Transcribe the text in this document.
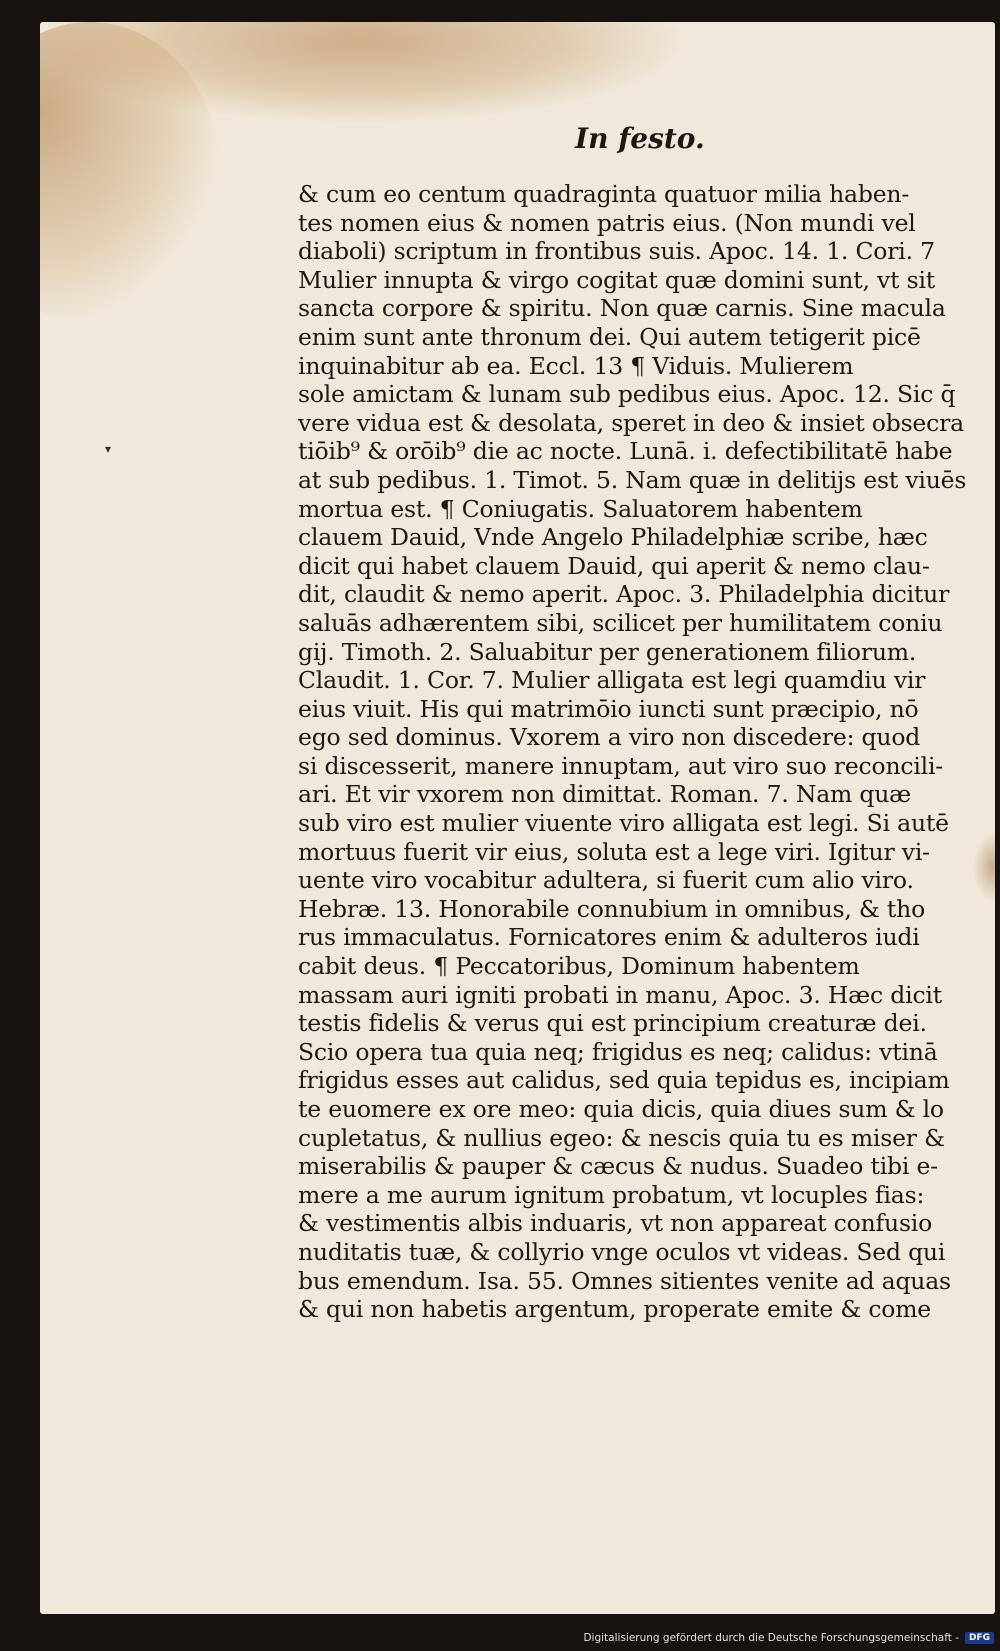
In festo.
▾
& cum eo centum quadraginta quatuor milia haben‑
tes nomen eius & nomen patris eius. (Non mundi vel
diaboli) scriptum in frontibus suis. Apoc. 14. 1. Cori. 7
Mulier innupta & virgo cogitat quæ domini sunt, vt sit
sancta corpore & spiritu. Non quæ carnis. Sine macula
enim sunt ante thronum dei. Qui autem tetigerit picē
inquinabitur ab ea. Eccl. 13 ¶ Viduis. Mulierem
sole amictam & lunam sub pedibus eius. Apoc. 12. Sic q̄
vere vidua est & desolata, speret in deo & insiet obsecra
tiōib⁹ & orōib⁹ die ac nocte. Lunā. i. defectibilitatē habe
at sub pedibus. 1. Timot. 5. Nam quæ in delitijs est viuēs
mortua est. ¶ Coniugatis. Saluatorem habentem
clauem Dauid, Vnde Angelo Philadelphiæ scribe, hæc
dicit qui habet clauem Dauid, qui aperit & nemo clau‑
dit, claudit & nemo aperit. Apoc. 3. Philadelphia dicitur
saluās adhærentem sibi, scilicet per humilitatem coniu
gij. Timoth. 2. Saluabitur per generationem filiorum.
Claudit. 1. Cor. 7. Mulier alligata est legi quamdiu vir
eius viuit. His qui matrimōio iuncti sunt præcipio, nō
ego sed dominus. Vxorem a viro non discedere: quod
si discesserit, manere innuptam, aut viro suo reconcili‑
ari. Et vir vxorem non dimittat. Roman. 7. Nam quæ
sub viro est mulier viuente viro alligata est legi. Si autē
mortuus fuerit vir eius, soluta est a lege viri. Igitur vi‑
uente viro vocabitur adultera, si fuerit cum alio viro.
Hebræ. 13. Honorabile connubium in omnibus, & tho
rus immaculatus. Fornicatores enim & adulteros iudi
cabit deus. ¶ Peccatoribus, Dominum habentem
massam auri igniti probati in manu, Apoc. 3. Hæc dicit
testis fidelis & verus qui est principium creaturæ dei.
Scio opera tua quia neq; frigidus es neq; calidus: vtinā
frigidus esses aut calidus, sed quia tepidus es, incipiam
te euomere ex ore meo: quia dicis, quia diues sum & lo
cupletatus, & nullius egeo: & nescis quia tu es miser &
miserabilis & pauper & cæcus & nudus. Suadeo tibi e‑
mere a me aurum ignitum probatum, vt locuples fias:
& vestimentis albis induaris, vt non appareat confusio
nuditatis tuæ, & collyrio vnge oculos vt videas. Sed qui
bus emendum. Isa. 55. Omnes sitientes venite ad aquas
& qui non habetis argentum, properate emite & come
Digitalisierung gefördert durch die Deutsche Forschungsgemeinschaft -	DFG
